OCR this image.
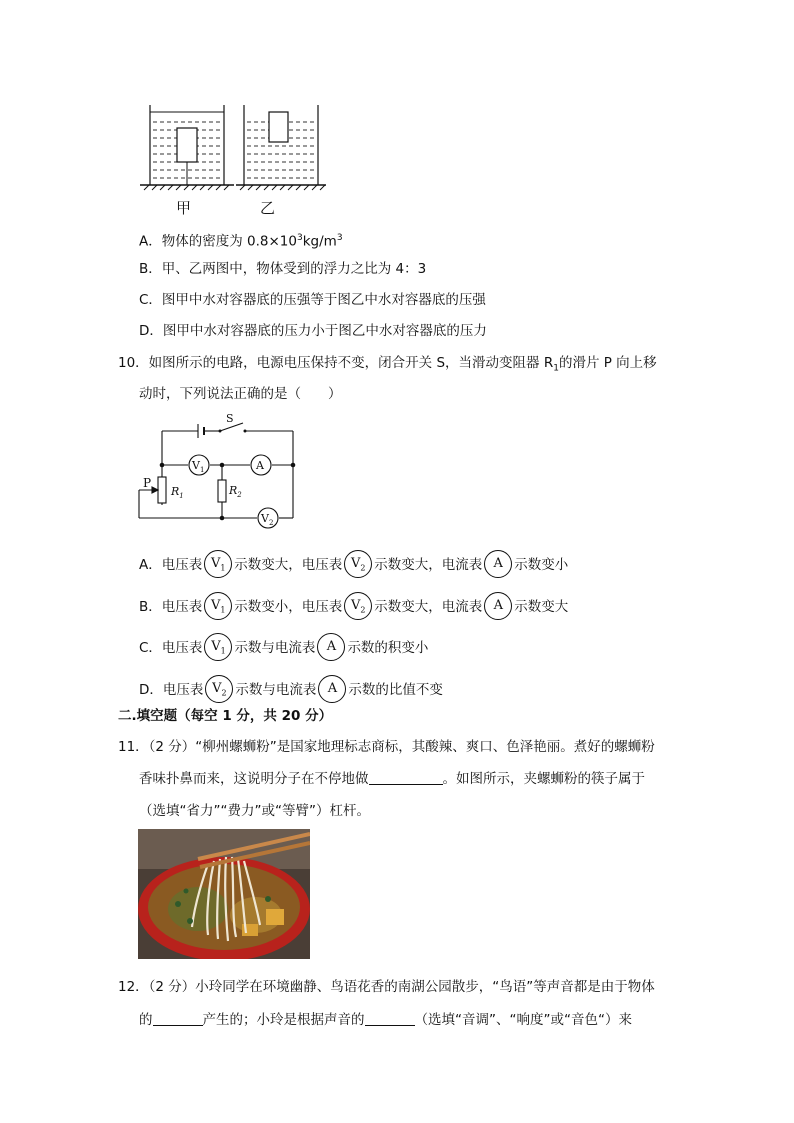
甲	乙
A．物体的密度为 $0.8\times 10^3kg/m^3$
B．甲、乙两图中，物体受到的浮力之比为 4：3
C．图甲中水对容器底的压强等于图乙中水对容器底的压强
D．图甲中水对容器底的压力小于图乙中水对容器底的压力
10．如图所示的电路，电源电压保持不变，闭合开关 S，当滑动变阻器 $R_1$的滑片 P 向上移
动时，下列说法正确的是（　　）
S
$V_1$	A
P
$R_1$	$R_2$
$V_2$
A．电压表 $V_1$ 示数变大，电压表 $V_2$ 示数变大，电流表 A 示数变小
B．电压表 $V_1$ 示数变小，电压表 $V_2$ 示数变大，电流表 A 示数变大
C．电压表 $V_1$ 示数与电流表 A 示数的积变小
D．电压表 $V_2$ 示数与电流表 A 示数的比值不变
二.填空题（每空 1 分，共 20 分）
11．（2 分）“柳州螺蛳粉”是国家地理标志商标，其酸辣、爽口、色泽艳丽。煮好的螺蛳粉
香味扑鼻而来，这说明分子在不停地做	。如图所示，夹螺蛳粉的筷子属于
（选填“省力”“费力”或“等臂”）杠杆。
12．（2 分）小玲同学在环境幽静、鸟语花香的南湖公园散步，“鸟语”等声音都是由于物体
的	产生的；小玲是根据声音的	（选填“音调”、“响度”或“音色“）来
